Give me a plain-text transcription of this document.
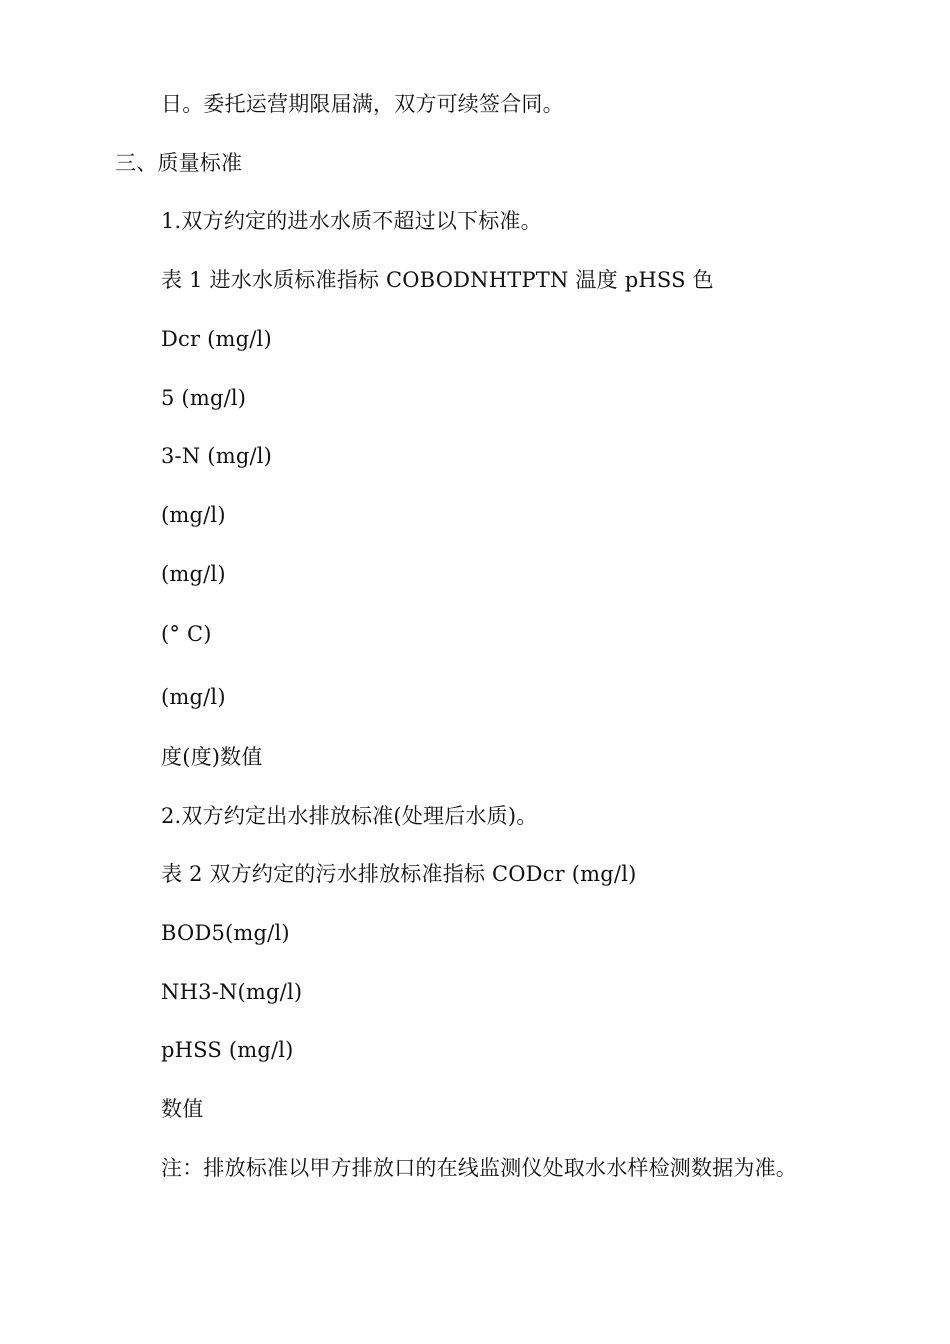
日。委托运营期限届满，双方可续签合同。
三、质量标准
1.双方约定的进水水质不超过以下标准。
表 1 进水水质标准指标 COBODNHTPTN 温度 pHSS 色
Dcr (mg/l)
5 (mg/l)
3-N (mg/l)
(mg/l)
(mg/l)
(° C)
(mg/l)
度(度)数值
2.双方约定出水排放标准(处理后水质)。
表 2 双方约定的污水排放标准指标 CODcr (mg/l)
BOD5(mg/l)
NH3-N(mg/l)
pHSS (mg/l)
数值
注：排放标准以甲方排放口的在线监测仪处取水水样检测数据为准。
